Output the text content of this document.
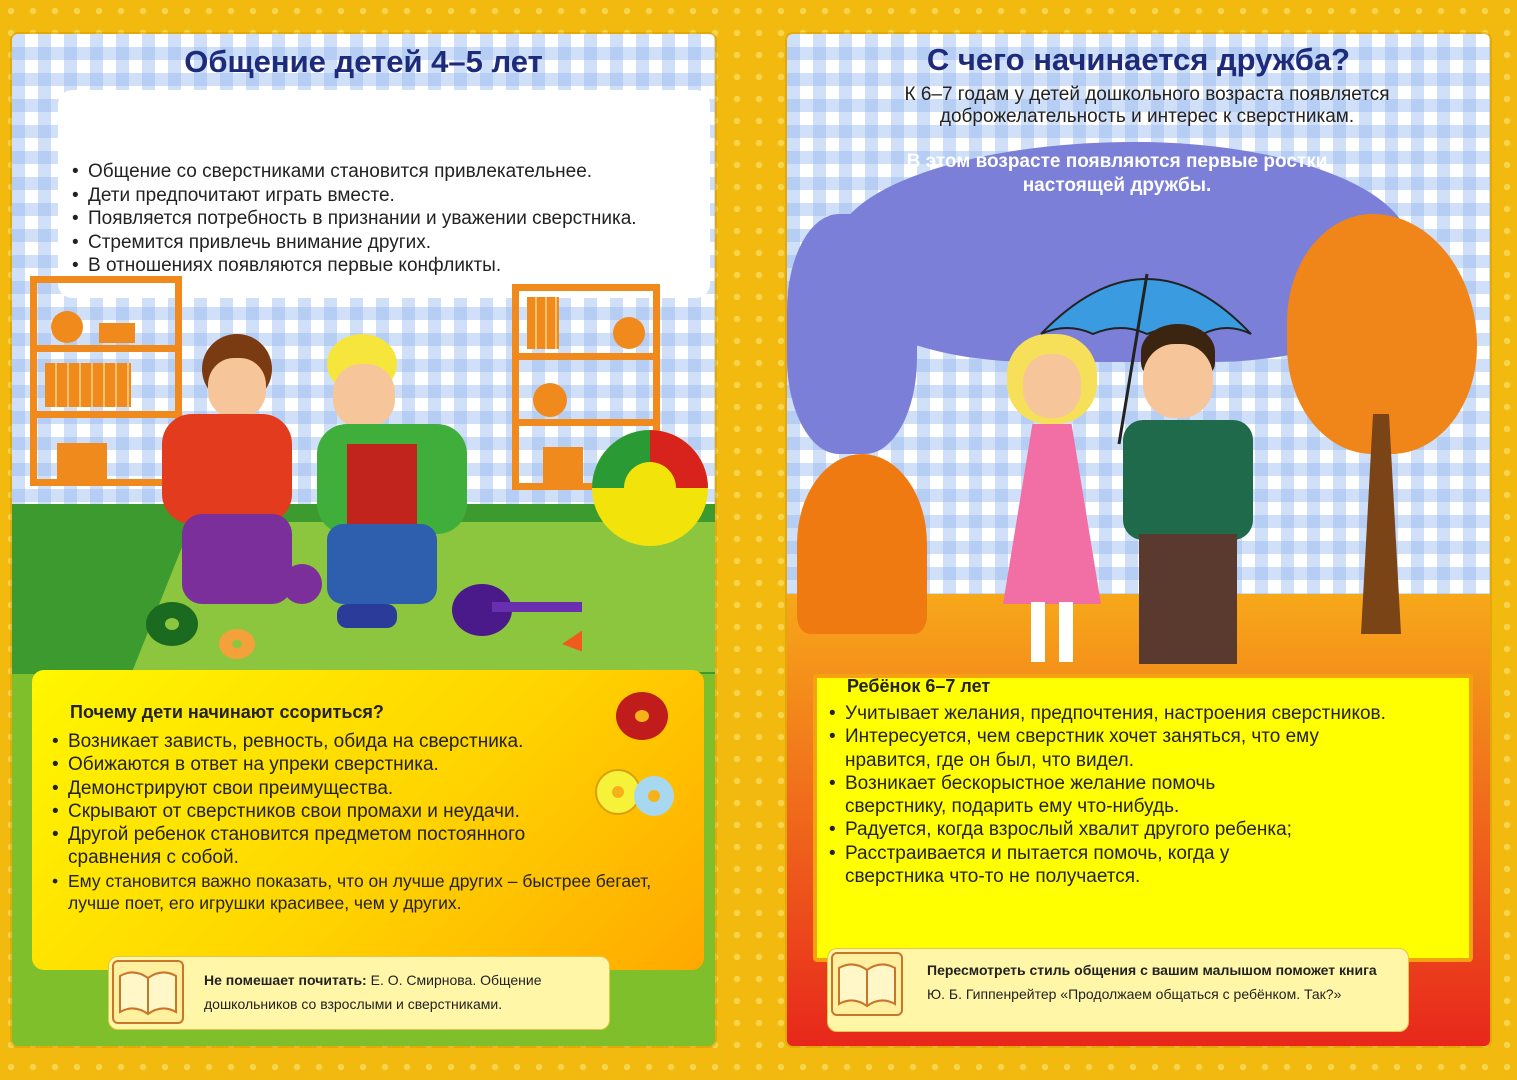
Общение детей 4–5 лет
• Общение со сверстниками становится привлекательнее.
• Дети предпочитают играть вместе.
• Появляется потребность в признании и уважении сверстника.
• Стремится привлечь внимание других.
• В отношениях появляются первые конфликты.
Почему дети начинают ссориться?
• Возникает зависть, ревность, обида на сверстника.
• Обижаются в ответ на упреки сверстника.
• Демонстрируют свои преимущества.
• Скрывают от сверстников свои промахи и неудачи.
• Другой ребенок становится предметом постоянного сравнения с собой.
• Ему становится важно показать, что он лучше других – быстрее бегает, лучше поет, его игрушки красивее, чем у других.
Не помешает почитать: Е. О. Смирнова. Общение дошкольников со взрослыми и сверстниками.
С чего начинается дружба?
К 6–7 годам у детей дошкольного возраста появляется доброжелательность и интерес к сверстникам.
В этом возрасте появляются первые ростки настоящей дружбы.
Ребёнок 6–7 лет
• Учитывает желания, предпочтения, настроения сверстников.
• Интересуется, чем сверстник хочет заняться, что ему нравится, где он был, что видел.
• Возникает бескорыстное желание помочь сверстнику, подарить ему что-нибудь.
• Радуется, когда взрослый хвалит другого ребенка;
• Расстраивается и пытается помочь, когда у сверстника что-то не получается.
Пересмотреть стиль общения с вашим малышом поможет книга Ю. Б. Гиппенрейтер «Продолжаем общаться с ребёнком. Так?»
